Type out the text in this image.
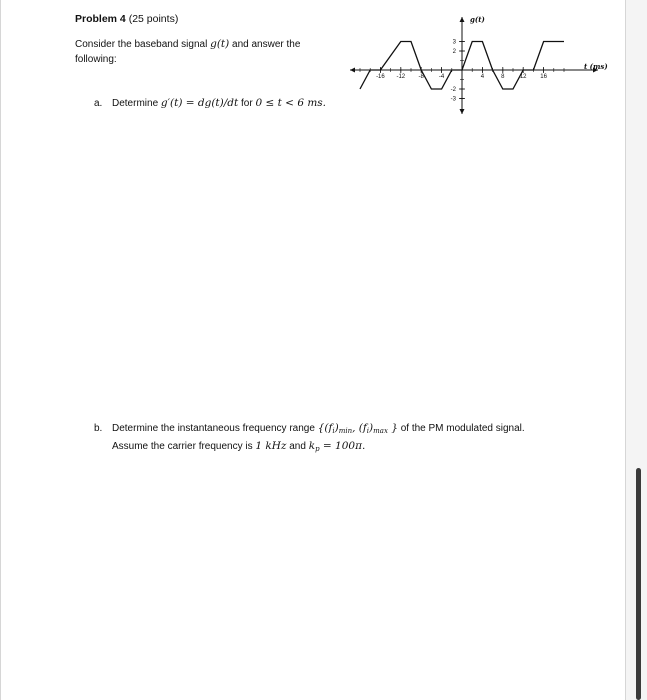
Problem 4 (25 points)
Consider the baseband signal g(t) and answer the following:
a. Determine g′(t) = dg(t)/dt for 0 ≤ t < 6 ms.
b. Determine the instantaneous frequency range {$(f_i)_{min}$, $(f_i)_{max}$ } of the PM modulated signal.
Assume the carrier frequency is 1 kHz and $k_p = 100\pi$.
-16 -12 -8	-4	4	8	12 16
3
2
-2
-3
g(t)
t (ms)
